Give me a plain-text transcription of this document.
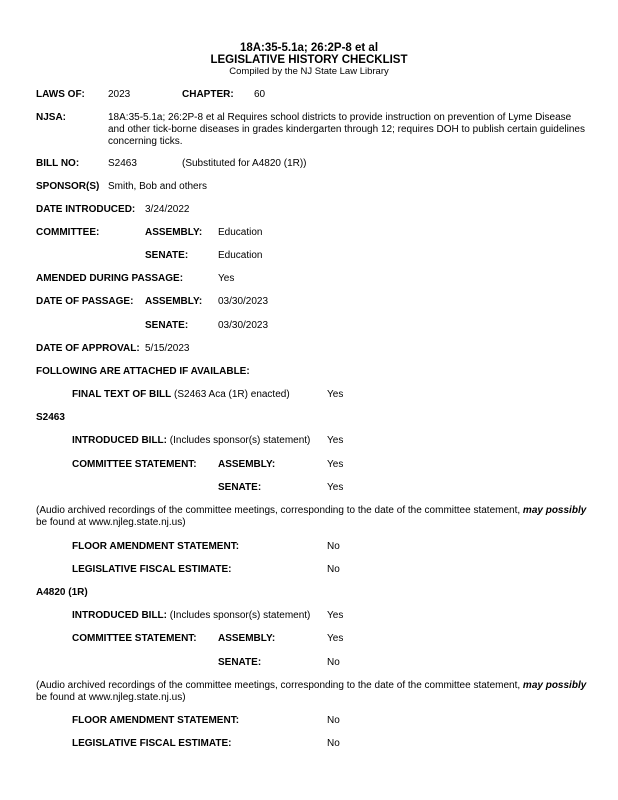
18A:35-5.1a; 26:2P-8 et al
LEGISLATIVE HISTORY CHECKLIST
Compiled by the NJ State Law Library
LAWS OF: 2023	CHAPTER: 60
NJSA:	18A:35-5.1a; 26:2P-8 et al Requires school districts to provide instruction on prevention of Lyme Disease and other tick-borne diseases in grades kindergarten through 12; requires DOH to publish certain guidelines concerning ticks.
BILL NO:	S2463	(Substituted for A4820 (1R))
SPONSOR(S) Smith, Bob and others
DATE INTRODUCED: 3/24/2022
COMMITTEE:	ASSEMBLY: Education
SENATE:	Education
AMENDED DURING PASSAGE:	Yes
DATE OF PASSAGE: ASSEMBLY: 03/30/2023
SENATE:	03/30/2023
DATE OF APPROVAL: 5/15/2023
FOLLOWING ARE ATTACHED IF AVAILABLE:
FINAL TEXT OF BILL (S2463 Aca (1R) enacted)	Yes
S2463
INTRODUCED BILL: (Includes sponsor(s) statement) Yes
COMMITTEE STATEMENT: ASSEMBLY:	Yes
SENATE:	Yes
(Audio archived recordings of the committee meetings, corresponding to the date of the committee statement, may possibly
be found at www.njleg.state.nj.us)
FLOOR AMENDMENT STATEMENT:	No
LEGISLATIVE FISCAL ESTIMATE:	No
A4820 (1R)
INTRODUCED BILL: (Includes sponsor(s) statement) Yes
COMMITTEE STATEMENT: ASSEMBLY:	Yes
SENATE:	No
(Audio archived recordings of the committee meetings, corresponding to the date of the committee statement, may possibly
be found at www.njleg.state.nj.us)
FLOOR AMENDMENT STATEMENT:	No
LEGISLATIVE FISCAL ESTIMATE:	No
